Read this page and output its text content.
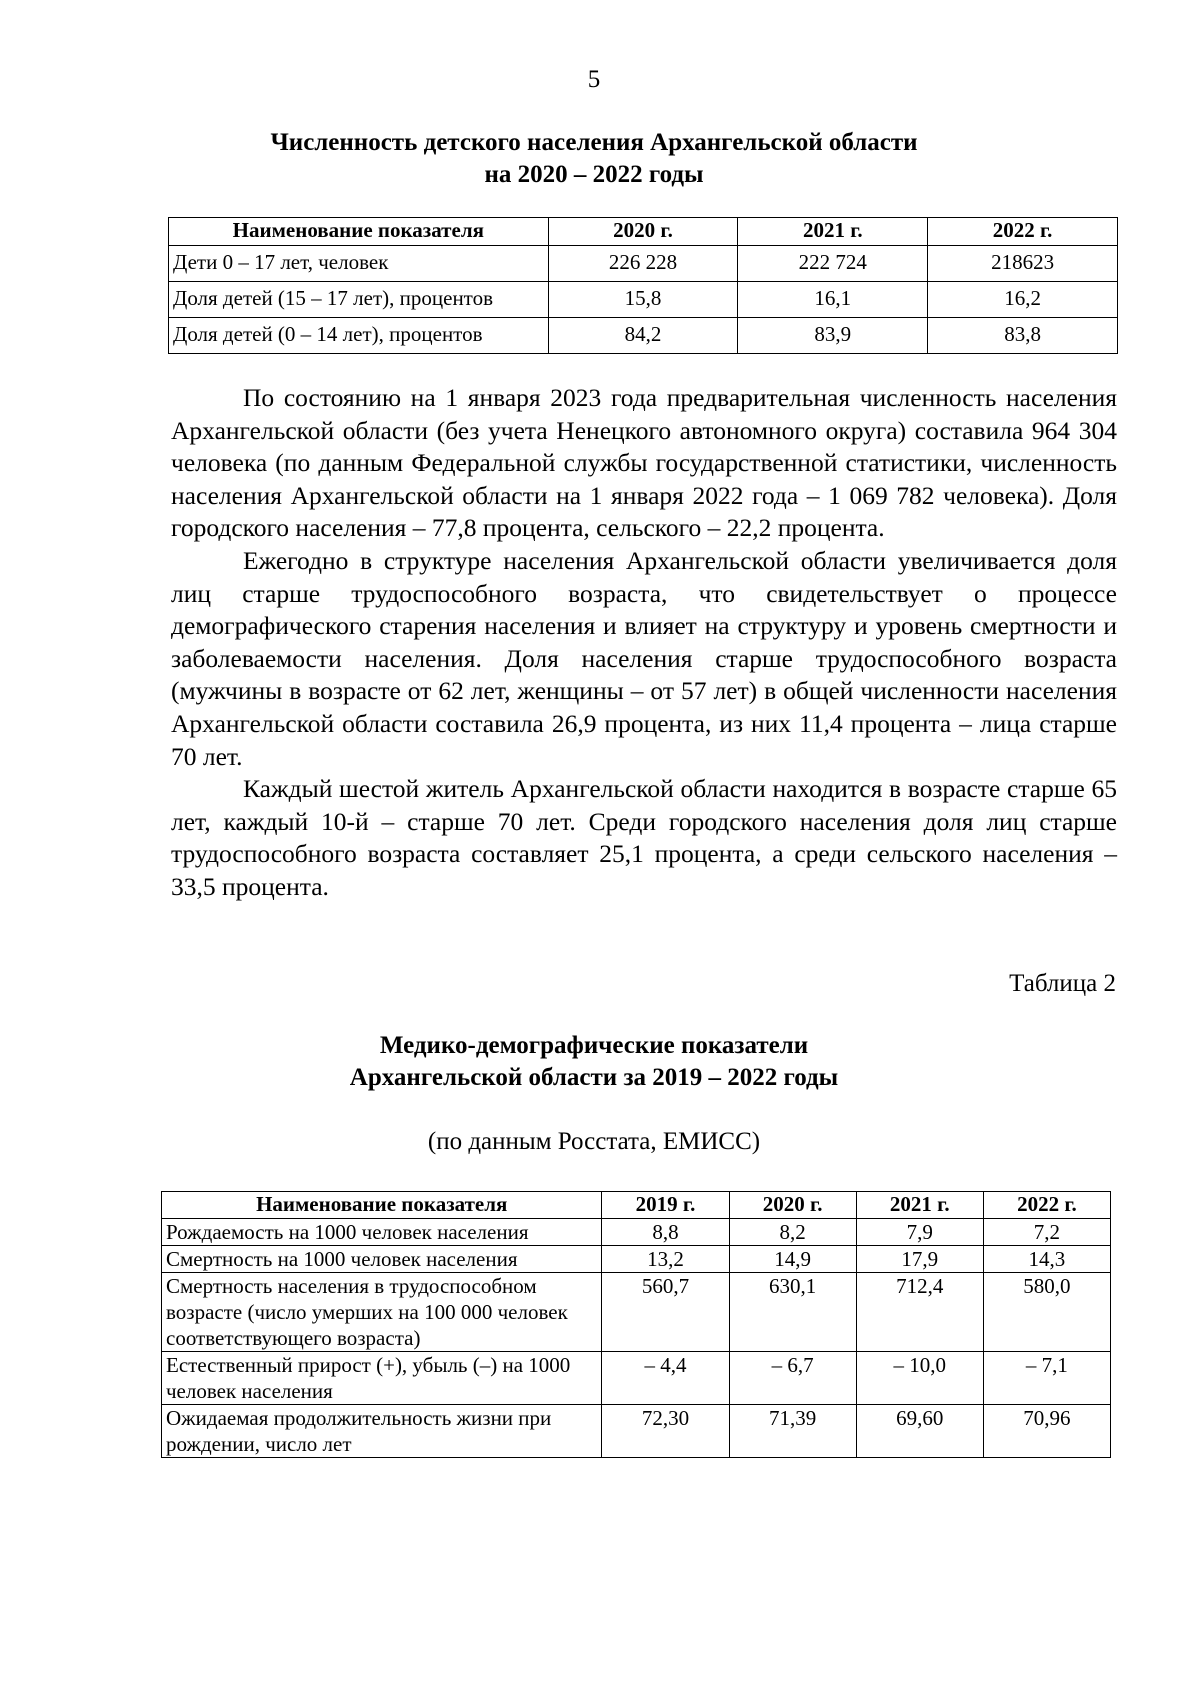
5
Численность детского населения Архангельской области
на 2020 – 2022 годы
Наименование показателя	2020 г.	2021 г.	2022 г.
Дети 0 – 17 лет, человек	226 228	222 724	218623
Доля детей (15 – 17 лет), процентов	15,8	16,1	16,2
Доля детей (0 – 14 лет), процентов	84,2	83,9	83,8

По состоянию на 1 января 2023 года предварительная численность населения Архангельской области (без учета Ненецкого автономного округа) составила 964 304 человека (по данным Федеральной службы государственной статистики, численность населения Архангельской области на 1 января 2022 года – 1 069 782 человека). Доля городского населения – 77,8 процента, сельского – 22,2 процента.

Ежегодно в структуре населения Архангельской области увеличивается доля лиц старше трудоспособного возраста, что свидетельствует о процессе демографического старения населения и влияет на структуру и уровень смертности и заболеваемости населения. Доля населения старше трудоспособного возраста (мужчины в возрасте от 62 лет, женщины – от 57 лет) в общей численности населения Архангельской области составила 26,9 процента, из них 11,4 процента – лица старше 70 лет.

Каждый шестой житель Архангельской области находится в возрасте старше 65 лет, каждый 10-й – старше 70 лет. Среди городского населения доля лиц старше трудоспособного возраста составляет 25,1 процента, а среди сельского населения – 33,5 процента.

Таблица 2
Медико-демографические показатели
Архангельской области за 2019 – 2022 годы
(по данным Росстата, ЕМИСС)
Наименование показателя	2019 г.	2020 г.	2021 г.	2022 г.
Рождаемость на 1000 человек населения	8,8	8,2	7,9	7,2
Смертность на 1000 человек населения	13,2	14,9	17,9	14,3
Смертность населения в трудоспособном возрасте (число умерших на 100 000 человек соответствующего возраста)	560,7	630,1	712,4	580,0
Естественный прирост (+), убыль (–) на 1000 человек населения	– 4,4	– 6,7	– 10,0	– 7,1
Ожидаемая продолжительность жизни при рождении, число лет	72,30	71,39	69,60	70,96
